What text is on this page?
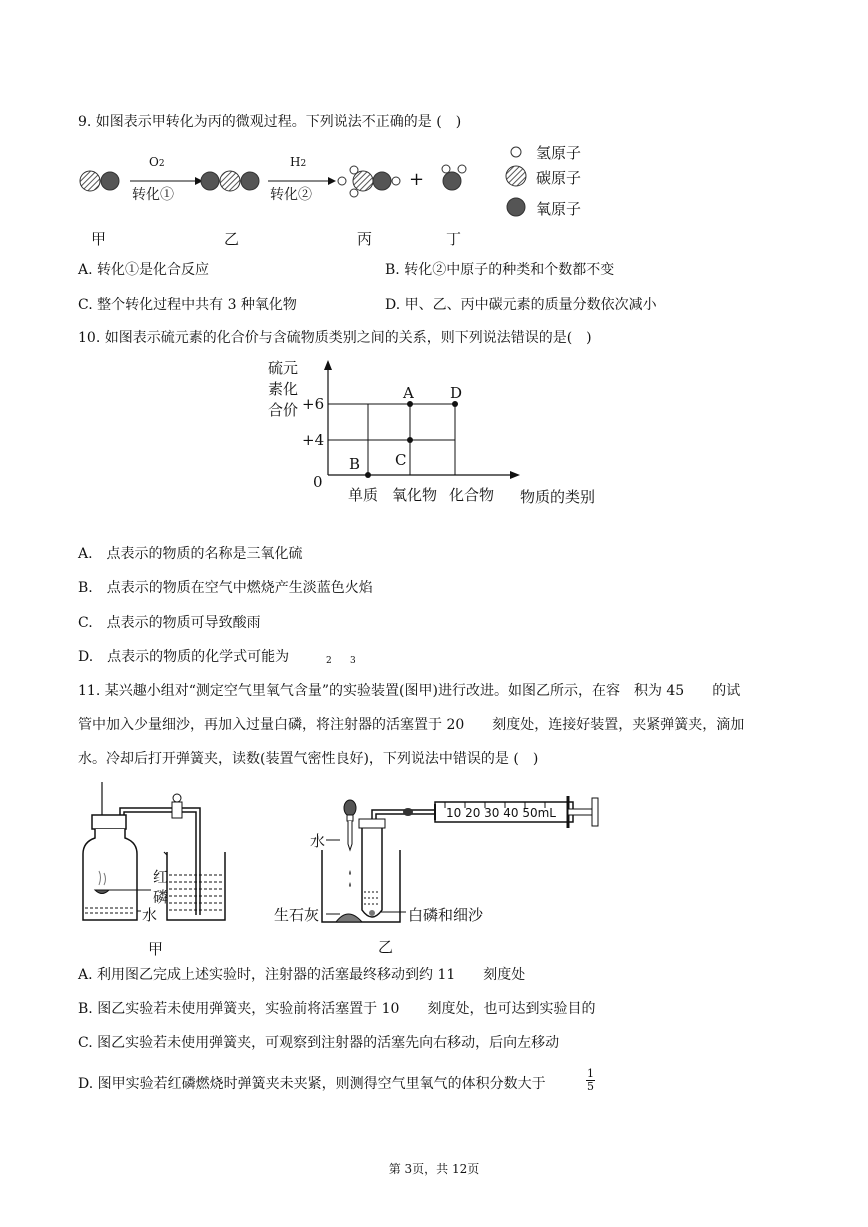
9. 如图表示甲转化为丙的微观过程。下列说法不正确的是 (　)
O2
转化①
H2
转化②
+
氢原子
碳原子
氧原子
甲	乙	丙	丁
A. 转化①是化合反应	B. 转化②中原子的种类和个数都不变
C. 整个转化过程中共有 3 种氧化物	D. 甲、乙、丙中碳元素的质量分数依次减小
10. 如图表示硫元素的化合价与含硫物质类别之间的关系，则下列说法错误的是(　)
硫元
素化
合价 +6
+4
0
单质 氧化物 化合物 物质的类别
A
B C
D
A.　点表示的物质的名称是三氧化硫
B.　点表示的物质在空气中燃烧产生淡蓝色火焰
C.　点表示的物质可导致酸雨
D.　点表示的物质的化学式可能为	2 3
11. 某兴趣小组对“测定空气里氧气含量”的实验装置(图甲)进行改进。如图乙所示，在容　积为 45　　的试
管中加入少量细沙，再加入过量白磷，将注射器的活塞置于 20　　刻度处，连接好装置，夹紧弹簧夹，滴加
水。冷却后打开弹簧夹，读数(装置气密性良好)，下列说法中错误的是 (　)
红
磷
水
甲
10 20 30 40 50mL
水
生石灰	白磷和细沙
乙
A. 利用图乙完成上述实验时，注射器的活塞最终移动到约 11　　刻度处
B. 图乙实验若未使用弹簧夹，实验前将活塞置于 10　　刻度处，也可达到实验目的
C. 图乙实验若未使用弹簧夹，可观察到注射器的活塞先向右移动，后向左移动
D. 图甲实验若红磷燃烧时弹簧夹未夹紧，则测得空气里氧气的体积分数大于	$\frac{1}{5}$
第 3页，共 12页
